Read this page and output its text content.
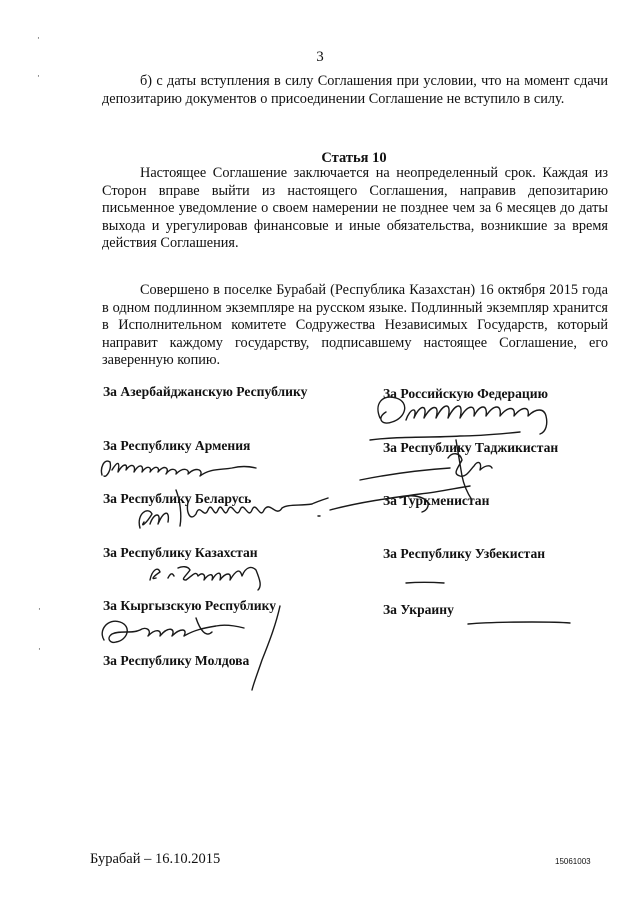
3
б) с даты вступления в силу Соглашения при условии, что на момент сдачи депозитарию документов о присоединении Соглашение не вступило в силу.
Статья 10
Настоящее Соглашение заключается на неопределенный срок. Каждая из Сторон вправе выйти из настоящего Соглашения, направив депозитарию письменное уведомление о своем намерении не позднее чем за 6 месяцев до даты выхода и урегулировав финансовые и иные обязательства, возникшие за время действия Соглашения.
Совершено в поселке Бурабай (Республика Казахстан) 16 октября 2015 года в одном подлинном экземпляре на русском языке. Подлинный экземпляр хранится в Исполнительном комитете Содружества Независимых Государств, который направит каждому государству, подписавшему настоящее Соглашение, его заверенную копию.
За Азербайджанскую Республику
За Республику Армения
За Республику Беларусь
За Республику Казахстан
За Кыргызскую Республику
За Республику Молдова
За Российскую Федерацию
За Республику Таджикистан
За Туркменистан
За Республику Узбекистан
За Украину
·
·
·
·
Бурабай – 16.10.2015	15061003
